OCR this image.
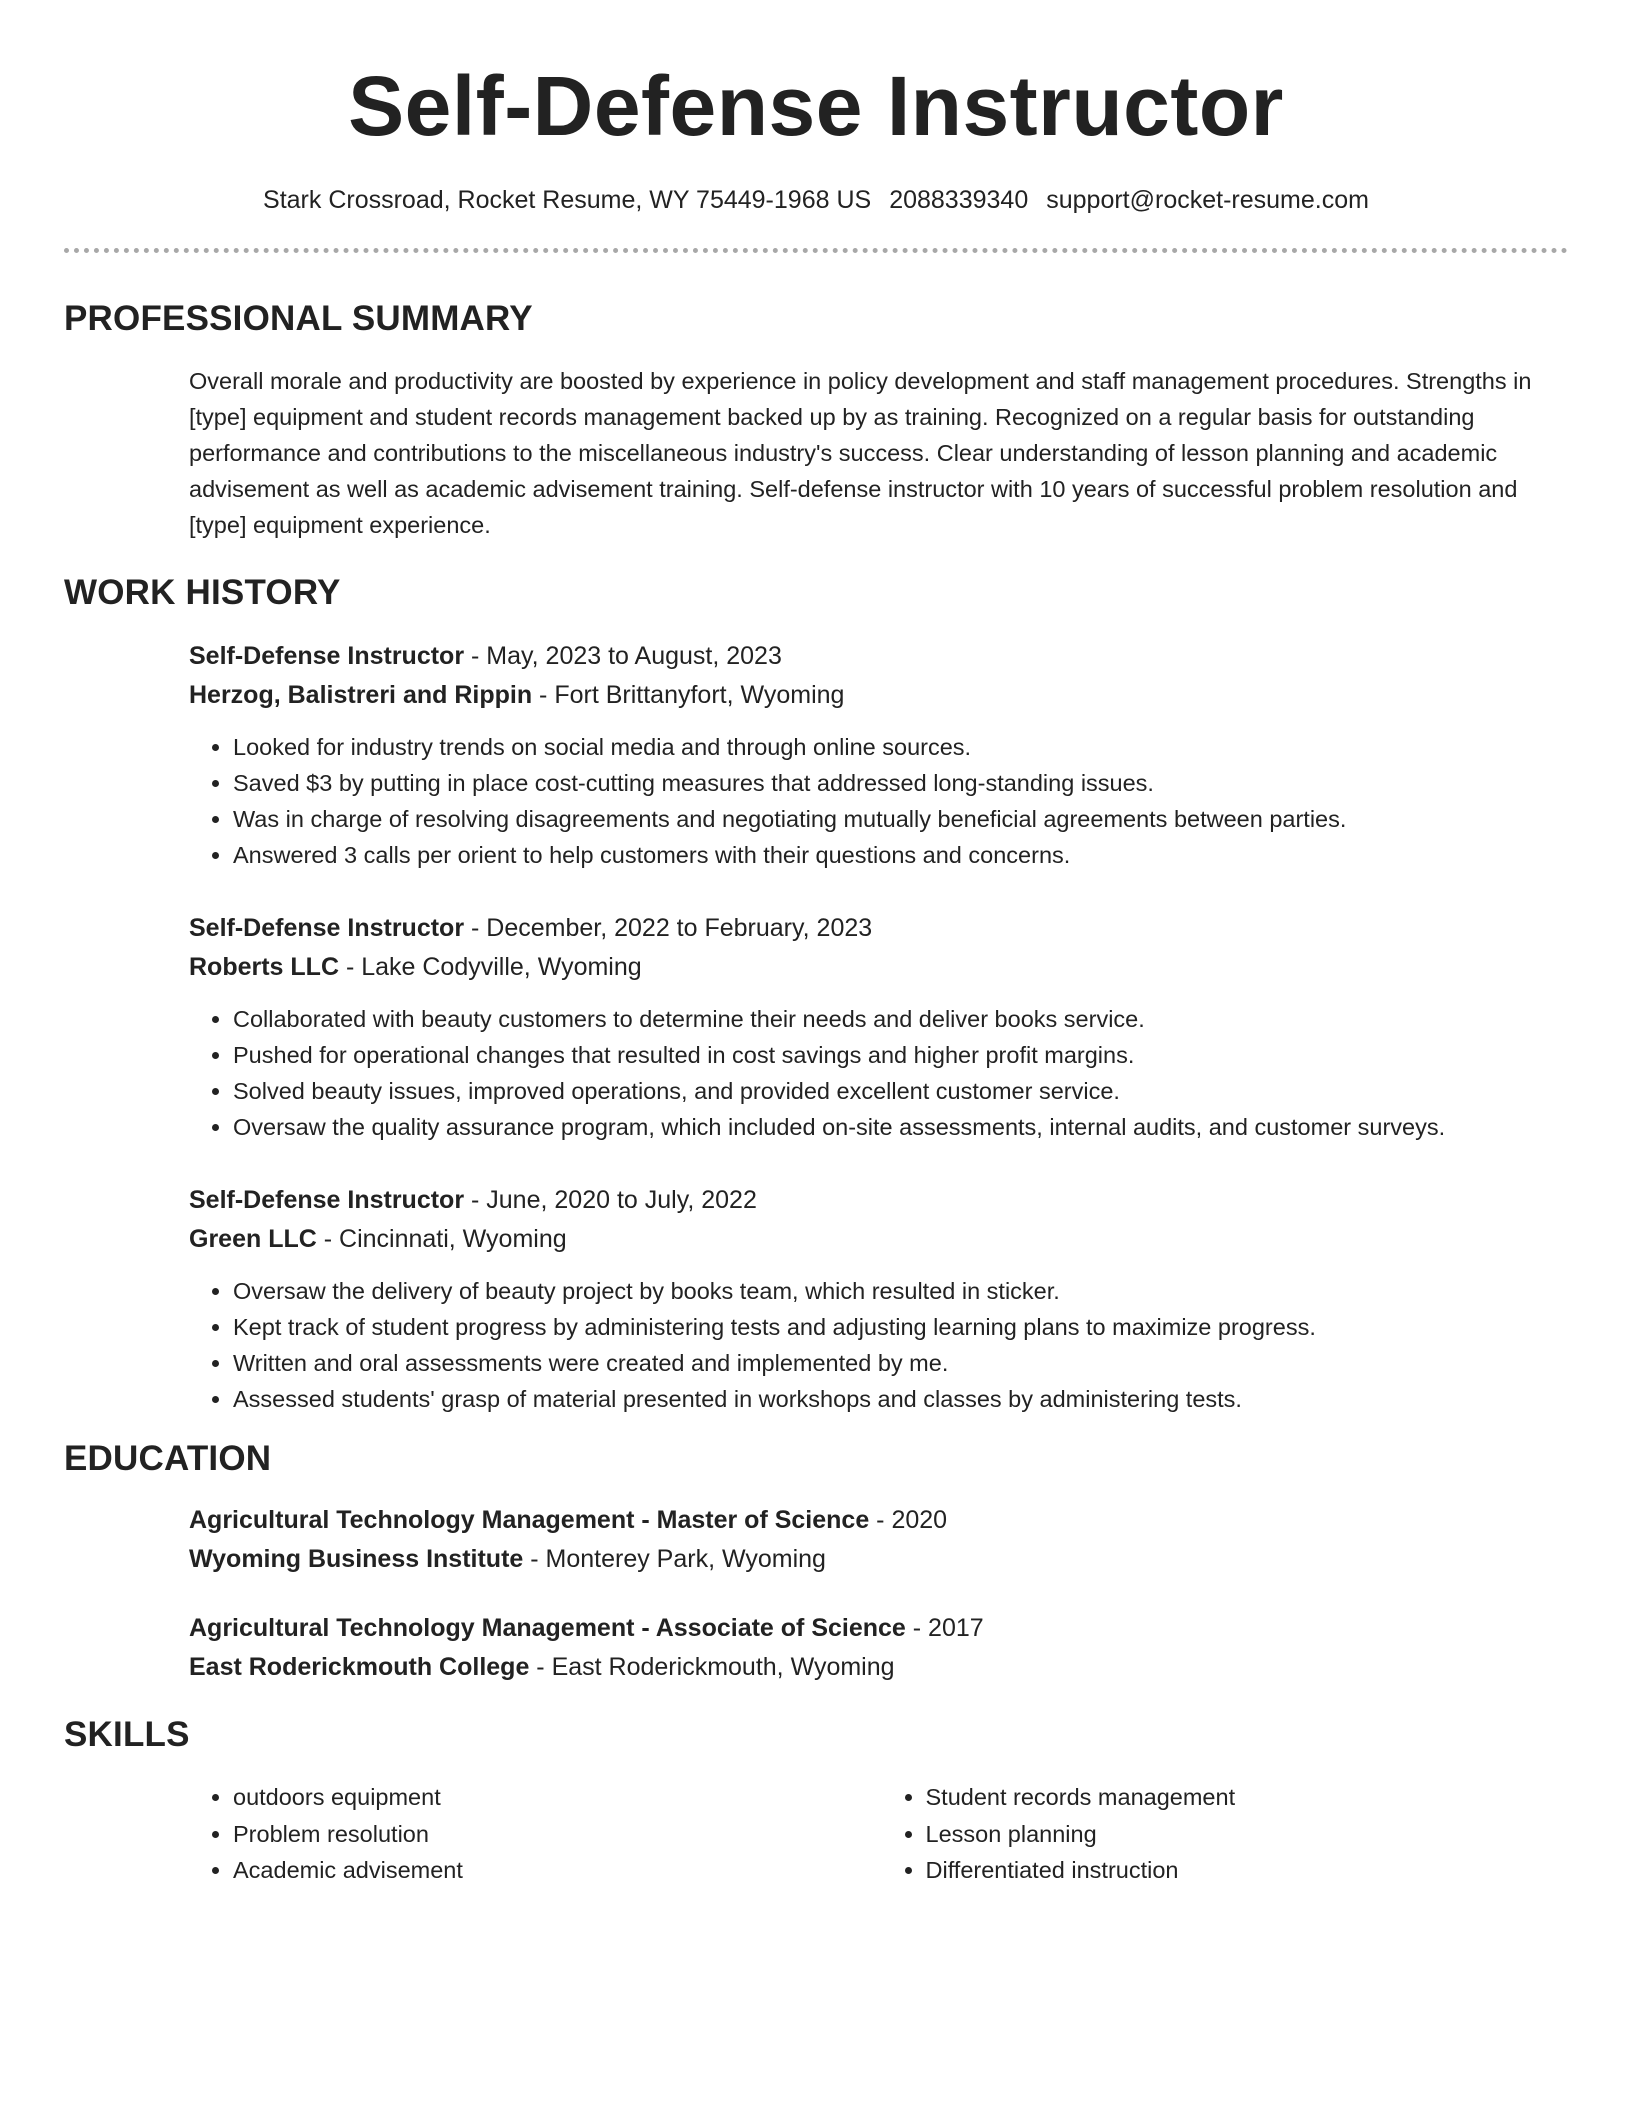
Self-Defense Instructor
Stark Crossroad, Rocket Resume, WY 75449-1968 US 2088339340 support@rocket-resume.com
PROFESSIONAL SUMMARY
Overall morale and productivity are boosted by experience in policy development and staff management procedures. Strengths in [type] equipment and student records management backed up by as training. Recognized on a regular basis for outstanding performance and contributions to the miscellaneous industry's success. Clear understanding of lesson planning and academic advisement as well as academic advisement training. Self-defense instructor with 10 years of successful problem resolution and [type] equipment experience.
WORK HISTORY
Self-Defense Instructor - May, 2023 to August, 2023
Herzog, Balistreri and Rippin - Fort Brittanyfort, Wyoming
• Looked for industry trends on social media and through online sources.
• Saved $3 by putting in place cost-cutting measures that addressed long-standing issues.
• Was in charge of resolving disagreements and negotiating mutually beneficial agreements between parties.
• Answered 3 calls per orient to help customers with their questions and concerns.
Self-Defense Instructor - December, 2022 to February, 2023
Roberts LLC - Lake Codyville, Wyoming
• Collaborated with beauty customers to determine their needs and deliver books service.
• Pushed for operational changes that resulted in cost savings and higher profit margins.
• Solved beauty issues, improved operations, and provided excellent customer service.
• Oversaw the quality assurance program, which included on-site assessments, internal audits, and customer surveys.
Self-Defense Instructor - June, 2020 to July, 2022
Green LLC - Cincinnati, Wyoming
• Oversaw the delivery of beauty project by books team, which resulted in sticker.
• Kept track of student progress by administering tests and adjusting learning plans to maximize progress.
• Written and oral assessments were created and implemented by me.
• Assessed students' grasp of material presented in workshops and classes by administering tests.
EDUCATION
Agricultural Technology Management - Master of Science - 2020
Wyoming Business Institute - Monterey Park, Wyoming
Agricultural Technology Management - Associate of Science - 2017
East Roderickmouth College - East Roderickmouth, Wyoming
SKILLS
• outdoors equipment
• Problem resolution
• Academic advisement
• Student records management
• Lesson planning
• Differentiated instruction
